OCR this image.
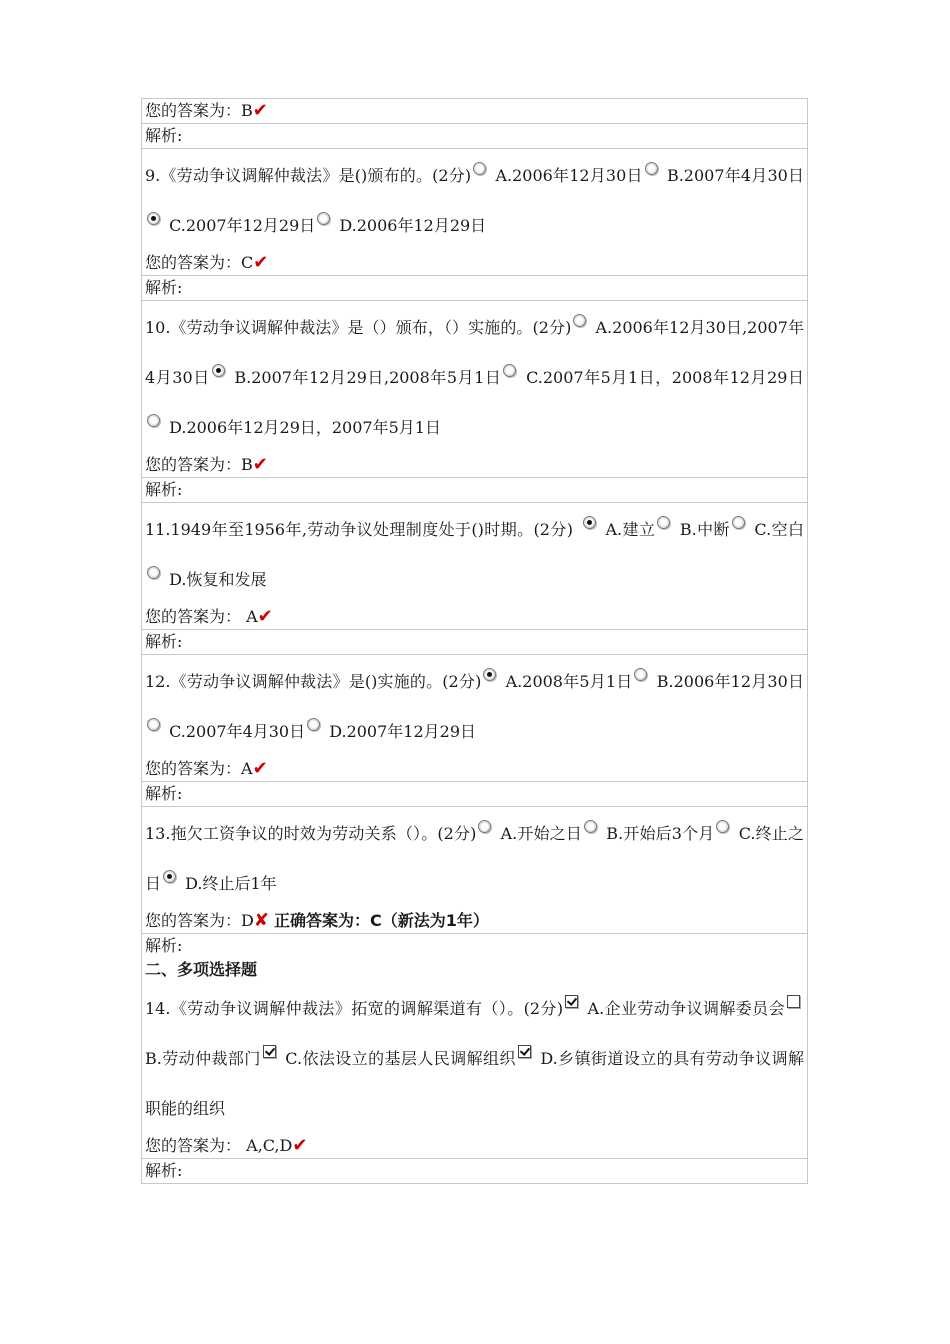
您的答案为：B✔
解析:
9.《劳动争议调解仲裁法》是()颁布的。(2分) A.2006年12月30日 B.2007年4月30日 C.2007年12月29日 D.2006年12月29日
您的答案为：C✔
解析:
10.《劳动争议调解仲裁法》是（）颁布，（）实施的。(2分) A.2006年12月30日,2007年4月30日 B.2007年12月29日,2008年5月1日 C.2007年5月1日，2008年12月29日 D.2006年12月29日，2007年5月1日
您的答案为：B✔
解析:
11.1949年至1956年,劳动争议处理制度处于()时期。(2分) A.建立 B.中断 C.空白 D.恢复和发展
您的答案为： A✔
解析:
12.《劳动争议调解仲裁法》是()实施的。(2分) A.2008年5月1日 B.2006年12月30日 C.2007年4月30日 D.2007年12月29日
您的答案为：A✔
解析:
13.拖欠工资争议的时效为劳动关系（）。(2分) A.开始之日 B.开始后3个月 C.终止之日 D.终止后1年
您的答案为：D✘ 正确答案为：C（新法为1年）
解析:
二、多项选择题
14.《劳动争议调解仲裁法》拓宽的调解渠道有（）。(2分) A.企业劳动争议调解委员会 B.劳动仲裁部门 C.依法设立的基层人民调解组织 D.乡镇街道设立的具有劳动争议调解职能的组织
您的答案为： A,C,D✔
解析:
